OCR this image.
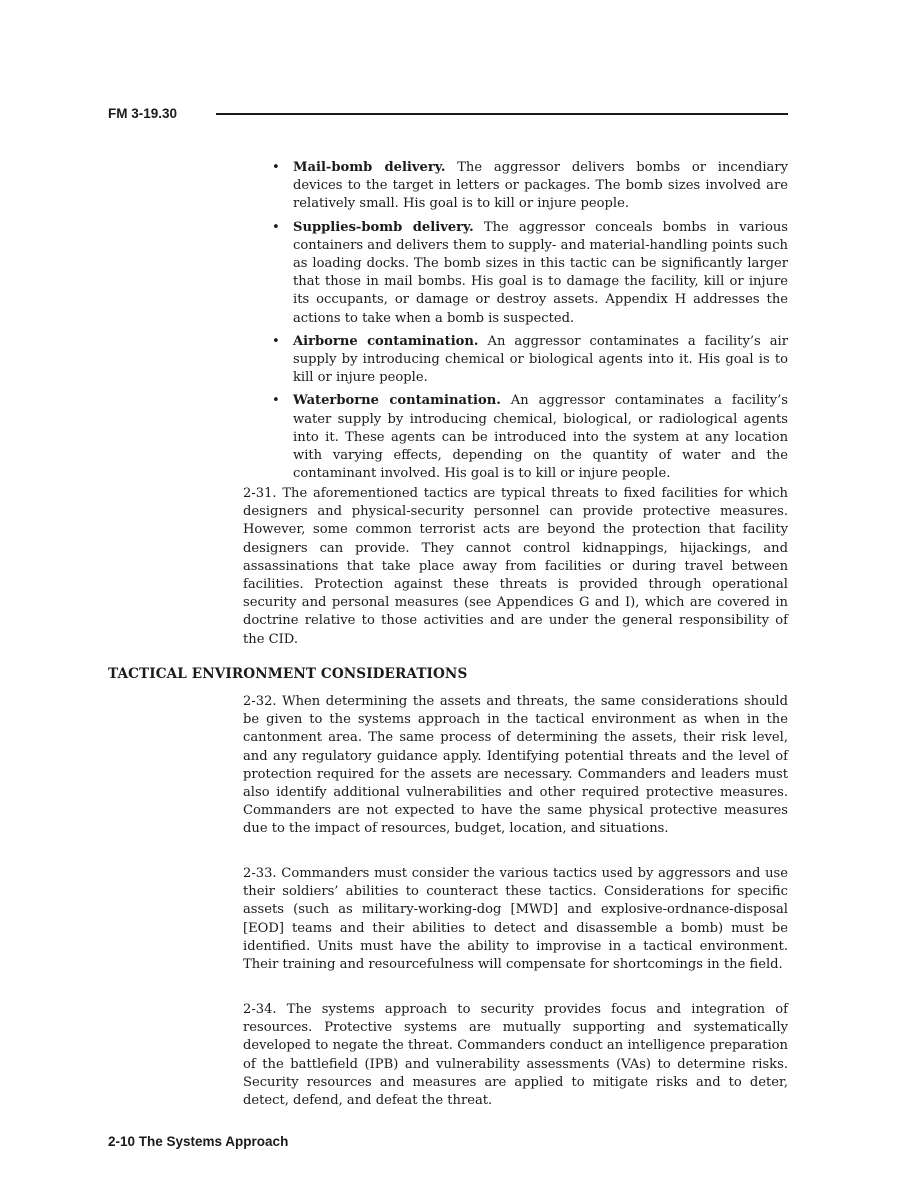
FM 3-19.30
• Mail-bomb delivery. The aggressor delivers bombs or incendiary devices to the target in letters or packages. The bomb sizes involved are relatively small. His goal is to kill or injure people.
• Supplies-bomb delivery. The aggressor conceals bombs in various containers and delivers them to supply- and material-handling points such as loading docks. The bomb sizes in this tactic can be significantly larger that those in mail bombs. His goal is to damage the facility, kill or injure its occupants, or damage or destroy assets. Appendix H addresses the actions to take when a bomb is suspected.
• Airborne contamination. An aggressor contaminates a facility’s air supply by introducing chemical or biological agents into it. His goal is to kill or injure people.
• Waterborne contamination. An aggressor contaminates a facility’s water supply by introducing chemical, biological, or radiological agents into it. These agents can be introduced into the system at any location with varying effects, depending on the quantity of water and the contaminant involved. His goal is to kill or injure people.

2-31. The aforementioned tactics are typical threats to fixed facilities for which designers and physical-security personnel can provide protective measures. However, some common terrorist acts are beyond the protection that facility designers can provide. They cannot control kidnappings, hijackings, and assassinations that take place away from facilities or during travel between facilities. Protection against these threats is provided through operational security and personal measures (see Appendices G and I), which are covered in doctrine relative to those activities and are under the general responsibility of the CID.

TACTICAL ENVIRONMENT CONSIDERATIONS

2-32. When determining the assets and threats, the same considerations should be given to the systems approach in the tactical environment as when in the cantonment area. The same process of determining the assets, their risk level, and any regulatory guidance apply. Identifying potential threats and the level of protection required for the assets are necessary. Commanders and leaders must also identify additional vulnerabilities and other required protective measures. Commanders are not expected to have the same physical protective measures due to the impact of resources, budget, location, and situations.

2-33. Commanders must consider the various tactics used by aggressors and use their soldiers’ abilities to counteract these tactics. Considerations for specific assets (such as military-working-dog [MWD] and explosive-ordnance-disposal [EOD] teams and their abilities to detect and disassemble a bomb) must be identified. Units must have the ability to improvise in a tactical environment. Their training and resourcefulness will compensate for shortcomings in the field.

2-34. The systems approach to security provides focus and integration of resources. Protective systems are mutually supporting and systematically developed to negate the threat. Commanders conduct an intelligence preparation of the battlefield (IPB) and vulnerability assessments (VAs) to determine risks. Security resources and measures are applied to mitigate risks and to deter, detect, defend, and defeat the threat.

2-10 The Systems Approach
